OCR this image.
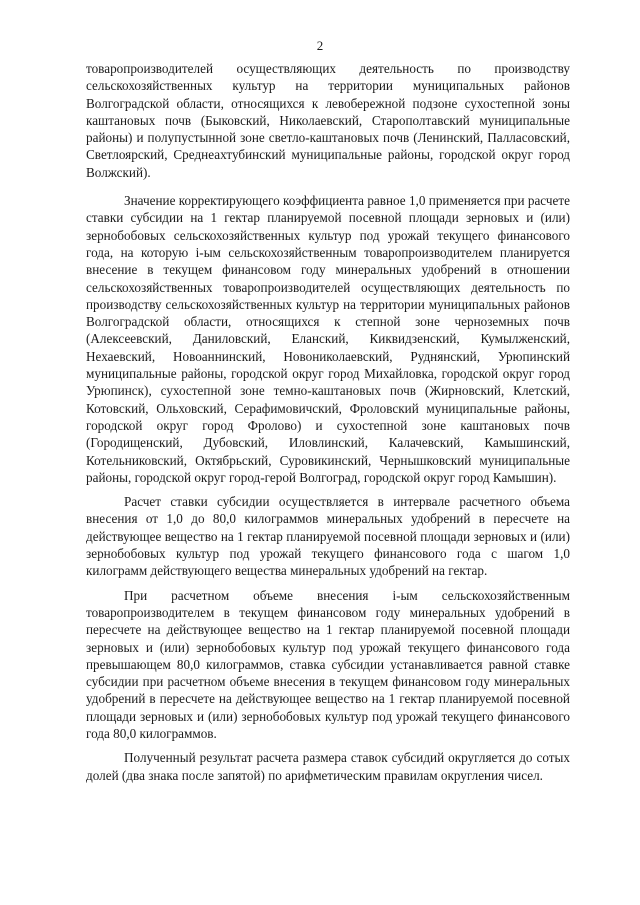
2

товаропроизводителей осуществляющих деятельность по производству сельскохозяйственных культур на территории муниципальных районов Волгоградской области, относящихся к левобережной подзоне сухостепной зоны каштановых почв (Быковский, Николаевский, Старополтавский муниципальные районы) и полупустынной зоне светло-каштановых почв (Ленинский, Палласовский, Светлоярский, Среднеахтубинский муниципальные районы, городской округ город Волжский).

Значение корректирующего коэффициента равное 1,0 применяется при расчете ставки субсидии на 1 гектар планируемой посевной площади зерновых и (или) зернобобовых сельскохозяйственных культур под урожай текущего финансового года, на которую i-ым сельскохозяйственным товаропроизводителем планируется внесение в текущем финансовом году минеральных удобрений в отношении сельскохозяйственных товаропроизводителей осуществляющих деятельность по производству сельскохозяйственных культур на территории муниципальных районов Волгоградской области, относящихся к степной зоне черноземных почв (Алексеевский, Даниловский, Еланский, Киквидзенский, Кумылженский, Нехаевский, Новоаннинский, Новониколаевский, Руднянский, Урюпинский муниципальные районы, городской округ город Михайловка, городской округ город Урюпинск), сухостепной зоне темно-каштановых почв (Жирновский, Клетский, Котовский, Ольховский, Серафимовичский, Фроловский муниципальные районы, городской округ город Фролово) и сухостепной зоне каштановых почв (Городищенский, Дубовский, Иловлинский, Калачевский, Камышинский, Котельниковский, Октябрьский, Суровикинский, Чернышковский муниципальные районы, городской округ город-герой Волгоград, городской округ город Камышин).

Расчет ставки субсидии осуществляется в интервале расчетного объема внесения от 1,0 до 80,0 килограммов минеральных удобрений в пересчете на действующее вещество на 1 гектар планируемой посевной площади зерновых и (или) зернобобовых культур под урожай текущего финансового года с шагом 1,0 килограмм действующего вещества минеральных удобрений на гектар.

При расчетном объеме внесения i-ым сельскохозяйственным товаропроизводителем в текущем финансовом году минеральных удобрений в пересчете на действующее вещество на 1 гектар планируемой посевной площади зерновых и (или) зернобобовых культур под урожай текущего финансового года превышающем 80,0 килограммов, ставка субсидии устанавливается равной ставке субсидии при расчетном объеме внесения в текущем финансовом году минеральных удобрений в пересчете на действующее вещество на 1 гектар планируемой посевной площади зерновых и (или) зернобобовых культур под урожай текущего финансового года 80,0 килограммов.

Полученный результат расчета размера ставок субсидий округляется до сотых долей (два знака после запятой) по арифметическим правилам округления чисел.
